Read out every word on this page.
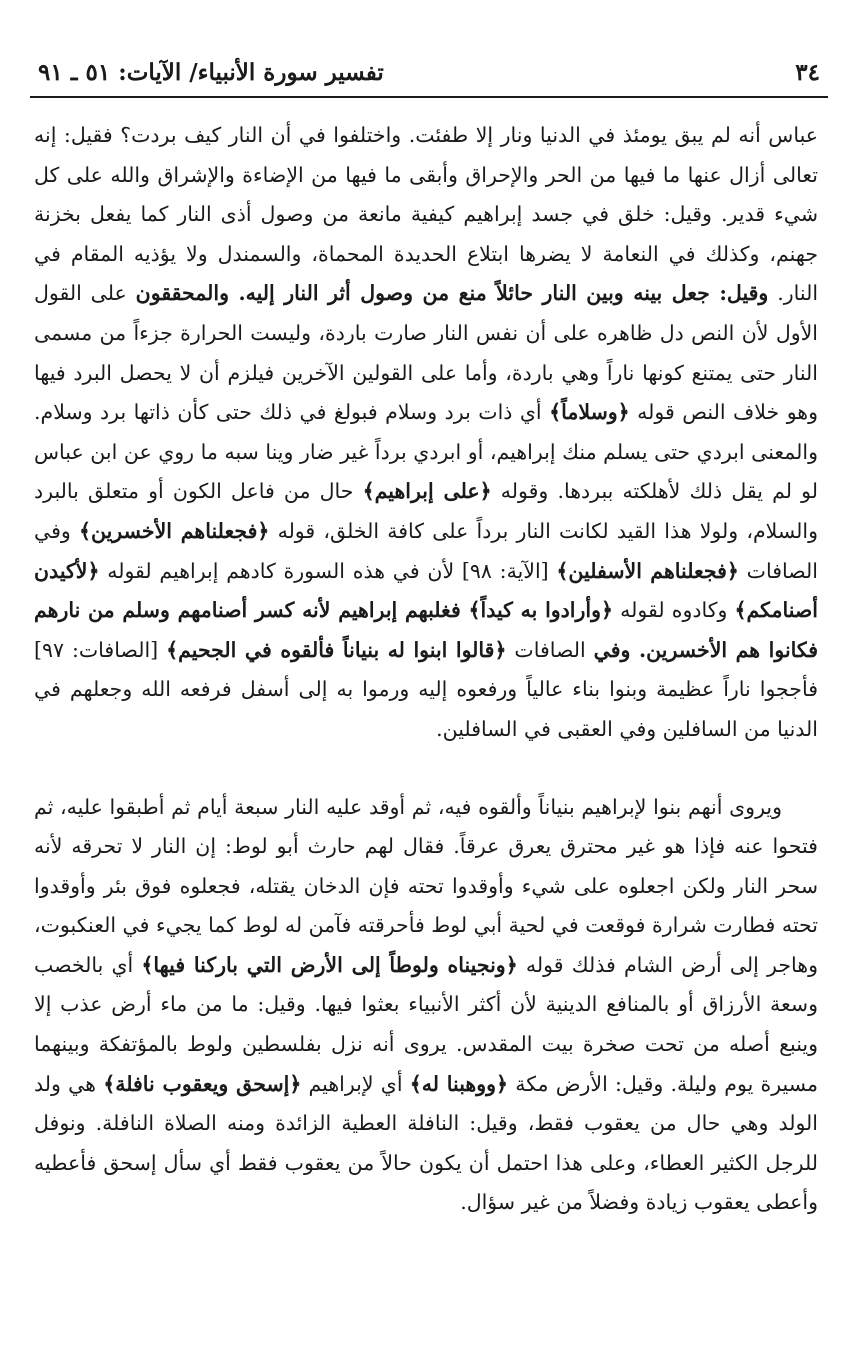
٣٤
تفسير سورة الأنبياء/ الآيات: ٥١ ـ ٩١

عباس أنه لم يبق يومئذ في الدنيا ونار إلا طفئت. واختلفوا في أن النار كيف بردت؟ فقيل: إنه تعالى أزال عنها ما فيها من الحر والإحراق وأبقى ما فيها من الإضاءة والإشراق والله على كل شيء قدير. وقيل: خلق في جسد إبراهيم كيفية مانعة من وصول أذى النار كما يفعل بخزنة جهنم، وكذلك في النعامة لا يضرها ابتلاع الحديدة المحماة، والسمندل ولا يؤذيه المقام في النار. وقيل: جعل بينه وبين النار حائلاً منع من وصول أثر النار إليه. والمحققون على القول الأول لأن النص دل ظاهره على أن نفس النار صارت باردة، وليست الحرارة جزءاً من مسمى النار حتى يمتنع كونها ناراً وهي باردة، وأما على القولين الآخرين فيلزم أن لا يحصل البرد فيها وهو خلاف النص قوله ﴿وسلاماً﴾ أي ذات برد وسلام فبولغ في ذلك حتى كأن ذاتها برد وسلام. والمعنى ابردي حتى يسلم منك إبراهيم، أو ابردي برداً غير ضار وينا سبه ما روي عن ابن عباس لو لم يقل ذلك لأهلكته ببردها. وقوله ﴿على إبراهيم﴾ حال من فاعل الكون أو متعلق بالبرد والسلام، ولولا هذا القيد لكانت النار برداً على كافة الخلق، قوله ﴿فجعلناهم الأخسرين﴾ وفي الصافات ﴿فجعلناهم الأسفلين﴾ [الآية: ٩٨] لأن في هذه السورة كادهم إبراهيم لقوله ﴿لأكيدن أصنامكم﴾ وكادوه لقوله ﴿وأرادوا به كيداً﴾ فغلبهم إبراهيم لأنه كسر أصنامهم وسلم من نارهم فكانوا هم الأخسرين. وفي الصافات ﴿قالوا ابنوا له بنياناً فألقوه في الجحيم﴾ [الصافات: ٩٧] فأججوا ناراً عظيمة وبنوا بناء عالياً ورفعوه إليه ورموا به إلى أسفل فرفعه الله وجعلهم في الدنيا من السافلين وفي العقبى في السافلين.

ويروى أنهم بنوا لإبراهيم بنياناً وألقوه فيه، ثم أوقد عليه النار سبعة أيام ثم أطبقوا عليه، ثم فتحوا عنه فإذا هو غير محترق يعرق عرقاً. فقال لهم حارث أبو لوط: إن النار لا تحرقه لأنه سحر النار ولكن اجعلوه على شيء وأوقدوا تحته فإن الدخان يقتله، فجعلوه فوق بئر وأوقدوا تحته فطارت شرارة فوقعت في لحية أبي لوط فأحرقته فآمن له لوط كما يجيء في العنكبوت، وهاجر إلى أرض الشام فذلك قوله ﴿ونجيناه ولوطاً إلى الأرض التي باركنا فيها﴾ أي بالخصب وسعة الأرزاق أو بالمنافع الدينية لأن أكثر الأنبياء بعثوا فيها. وقيل: ما من ماء أرض عذب إلا وينبع أصله من تحت صخرة بيت المقدس. يروى أنه نزل بفلسطين ولوط بالمؤتفكة وبينهما مسيرة يوم وليلة. وقيل: الأرض مكة ﴿ووهبنا له﴾ أي لإبراهيم ﴿إسحق ويعقوب نافلة﴾ هي ولد الولد وهي حال من يعقوب فقط، وقيل: النافلة العطية الزائدة ومنه الصلاة النافلة. ونوفل للرجل الكثير العطاء، وعلى هذا احتمل أن يكون حالاً من يعقوب فقط أي سأل إسحق فأعطيه وأعطى يعقوب زيادة وفضلاً من غير سؤال.
